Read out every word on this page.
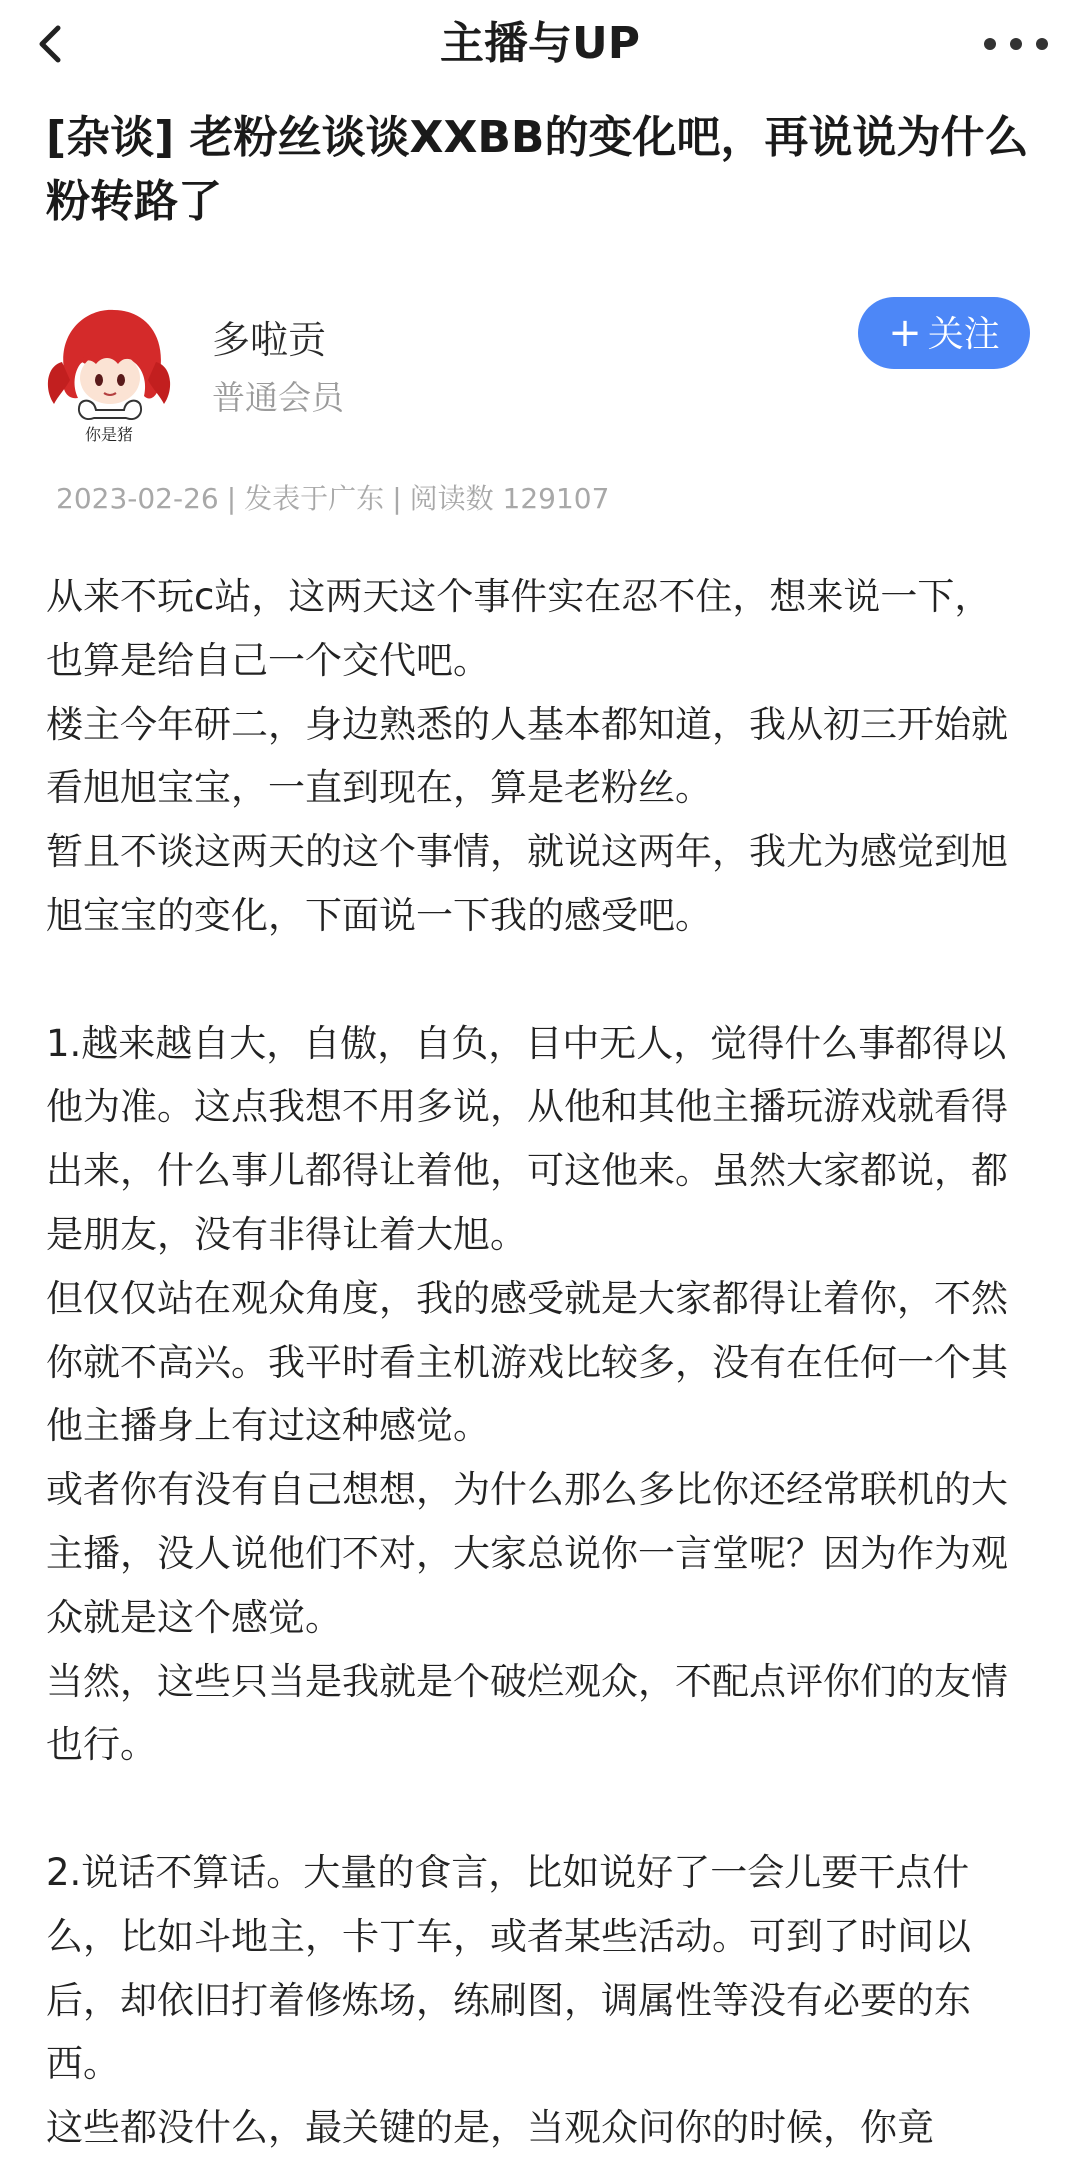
主播与UP
[杂谈] 老粉丝谈谈XXBB的变化吧，再说说为什么粉转路了
你是猪
多啦贡
普通会员
+ 关注
2023-02-26 | 发表于广东 | 阅读数 129107

从来不玩c站，这两天这个事件实在忍不住，想来说一下，也算是给自己一个交代吧。

楼主今年研二，身边熟悉的人基本都知道，我从初三开始就看旭旭宝宝，一直到现在，算是老粉丝。

暂且不谈这两天的这个事情，就说这两年，我尤为感觉到旭旭宝宝的变化，下面说一下我的感受吧。

1.越来越自大，自傲，自负，目中无人，觉得什么事都得以他为准。这点我想不用多说，从他和其他主播玩游戏就看得出来，什么事儿都得让着他，可这他来。虽然大家都说，都是朋友，没有非得让着大旭。

但仅仅站在观众角度，我的感受就是大家都得让着你，不然你就不高兴。我平时看主机游戏比较多，没有在任何一个其他主播身上有过这种感觉。

或者你有没有自己想想，为什么那么多比你还经常联机的大主播，没人说他们不对，大家总说你一言堂呢？因为作为观众就是这个感觉。

当然，这些只当是我就是个破烂观众，不配点评你们的友情也行。

2.说话不算话。大量的食言，比如说好了一会儿要干点什么，比如斗地主，卡丁车，或者某些活动。可到了时间以后，却依旧打着修炼场，练刷图，调属性等没有必要的东西。

这些都没什么，最关键的是，当观众问你的时候，你竟
